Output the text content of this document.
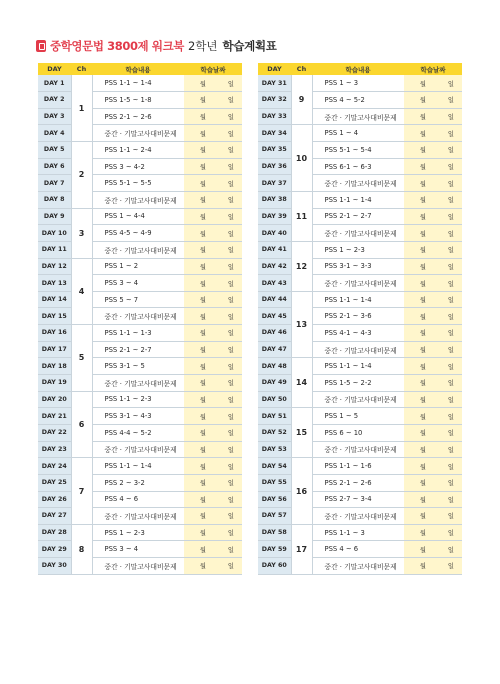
중학영문법 3800제 워크북 2학년 학습계획표
DAY	Ch	학습내용	학습날짜
DAY 1	1	PSS 1-1 ~ 1-4	월 일
DAY 2		PSS 1-5 ~ 1-8	월 일
DAY 3		PSS 2-1 ~ 2-6	월 일
DAY 4		중간 · 기말고사대비문제	월 일
DAY 5	2	PSS 1-1 ~ 2-4	월 일
DAY 6		PSS 3 ~ 4-2	월 일
DAY 7		PSS 5-1 ~ 5-5	월 일
DAY 8		중간 · 기말고사대비문제	월 일
DAY 9	3	PSS 1 ~ 4-4	월 일
DAY 10		PSS 4-5 ~ 4-9	월 일
DAY 11		중간 · 기말고사대비문제	월 일
DAY 12	4	PSS 1 ~ 2	월 일
DAY 13		PSS 3 ~ 4	월 일
DAY 14		PSS 5 ~ 7	월 일
DAY 15		중간 · 기말고사대비문제	월 일
DAY 16	5	PSS 1-1 ~ 1-3	월 일
DAY 17		PSS 2-1 ~ 2-7	월 일
DAY 18		PSS 3-1 ~ 5	월 일
DAY 19		중간 · 기말고사대비문제	월 일
DAY 20	6	PSS 1-1 ~ 2-3	월 일
DAY 21		PSS 3-1 ~ 4-3	월 일
DAY 22		PSS 4-4 ~ 5-2	월 일
DAY 23		중간 · 기말고사대비문제	월 일
DAY 24	7	PSS 1-1 ~ 1-4	월 일
DAY 25		PSS 2 ~ 3-2	월 일
DAY 26		PSS 4 ~ 6	월 일
DAY 27		중간 · 기말고사대비문제	월 일
DAY 28	8	PSS 1 ~ 2-3	월 일
DAY 29		PSS 3 ~ 4	월 일
DAY 30		중간 · 기말고사대비문제	월 일
DAY	Ch	학습내용	학습날짜
DAY 31	9	PSS 1 ~ 3	월 일
DAY 32		PSS 4 ~ 5-2	월 일
DAY 33		중간 · 기말고사대비문제	월 일
DAY 34	10	PSS 1 ~ 4	월 일
DAY 35		PSS 5-1 ~ 5-4	월 일
DAY 36		PSS 6-1 ~ 6-3	월 일
DAY 37		중간 · 기말고사대비문제	월 일
DAY 38	11	PSS 1-1 ~ 1-4	월 일
DAY 39		PSS 2-1 ~ 2-7	월 일
DAY 40		중간 · 기말고사대비문제	월 일
DAY 41	12	PSS 1 ~ 2-3	월 일
DAY 42		PSS 3-1 ~ 3-3	월 일
DAY 43		중간 · 기말고사대비문제	월 일
DAY 44	13	PSS 1-1 ~ 1-4	월 일
DAY 45		PSS 2-1 ~ 3-6	월 일
DAY 46		PSS 4-1 ~ 4-3	월 일
DAY 47		중간 · 기말고사대비문제	월 일
DAY 48	14	PSS 1-1 ~ 1-4	월 일
DAY 49		PSS 1-5 ~ 2-2	월 일
DAY 50		중간 · 기말고사대비문제	월 일
DAY 51	15	PSS 1 ~ 5	월 일
DAY 52		PSS 6 ~ 10	월 일
DAY 53		중간 · 기말고사대비문제	월 일
DAY 54	16	PSS 1-1 ~ 1-6	월 일
DAY 55		PSS 2-1 ~ 2-6	월 일
DAY 56		PSS 2-7 ~ 3-4	월 일
DAY 57		중간 · 기말고사대비문제	월 일
DAY 58	17	PSS 1-1 ~ 3	월 일
DAY 59		PSS 4 ~ 6	월 일
DAY 60		중간 · 기말고사대비문제	월 일
